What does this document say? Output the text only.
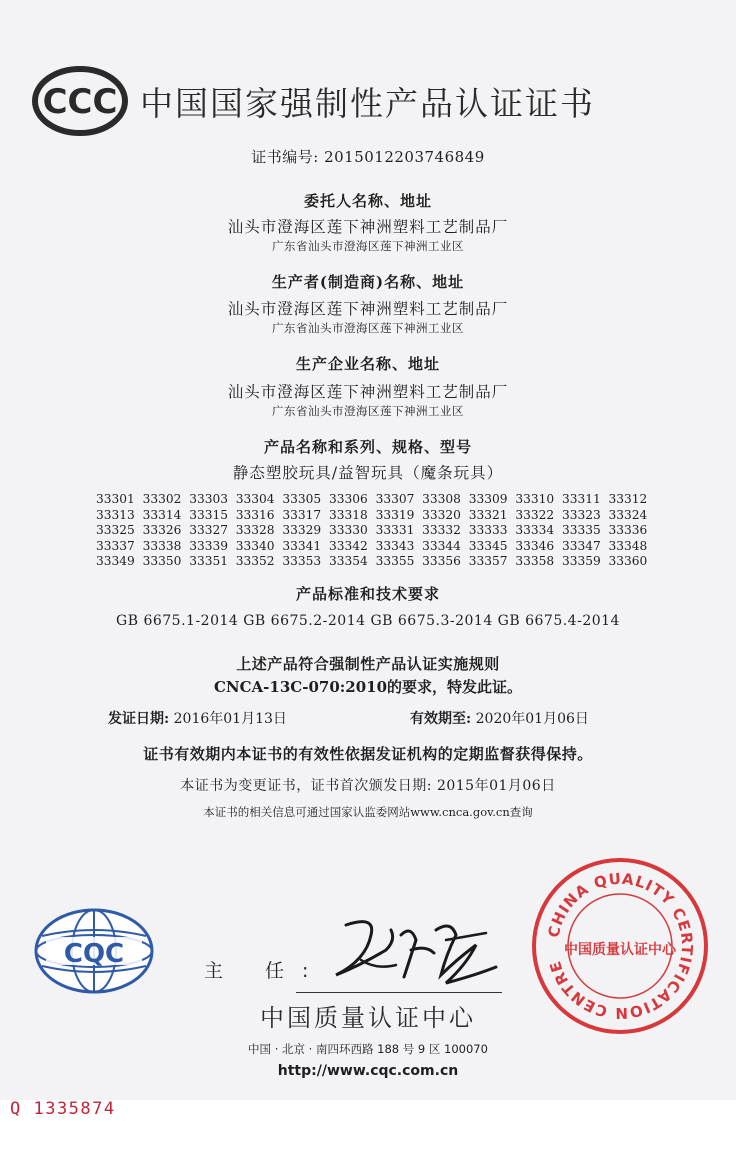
CCC 中国国家强制性产品认证证书
证书编号: 2015012203746849
委托人名称、地址
汕头市澄海区莲下神洲塑料工艺制品厂
广东省汕头市澄海区莲下神洲工业区
生产者(制造商)名称、地址
汕头市澄海区莲下神洲塑料工艺制品厂
广东省汕头市澄海区莲下神洲工业区
生产企业名称、地址
汕头市澄海区莲下神洲塑料工艺制品厂
广东省汕头市澄海区莲下神洲工业区
产品名称和系列、规格、型号
静态塑胶玩具/益智玩具（魔条玩具）
33301 33302 33303 33304 33305 33306 33307 33308 33309 33310 33311 33312
33313 33314 33315 33316 33317 33318 33319 33320 33321 33322 33323 33324
33325 33326 33327 33328 33329 33330 33331 33332 33333 33334 33335 33336
33337 33338 33339 33340 33341 33342 33343 33344 33345 33346 33347 33348
33349 33350 33351 33352 33353 33354 33355 33356 33357 33358 33359 33360
产品标准和技术要求
GB 6675.1-2014 GB 6675.2-2014 GB 6675.3-2014 GB 6675.4-2014
上述产品符合强制性产品认证实施规则
CNCA-13C-070:2010的要求，特发此证。
发证日期: 2016年01月13日	有效期至: 2020年01月06日
证书有效期内本证书的有效性依据发证机构的定期监督获得保持。
本证书为变更证书，证书首次颁发日期: 2015年01月06日
本证书的相关信息可通过国家认监委网站www.cnca.gov.cn查询
CQC
主 任:
中国质量认证中心
中国 · 北京 · 南四环西路 188 号 9 区 100070
http://www.cqc.com.cn
CHINA QUALITY CERTIFICATION CENTRE
中国质量认证中心
Q 1335874
